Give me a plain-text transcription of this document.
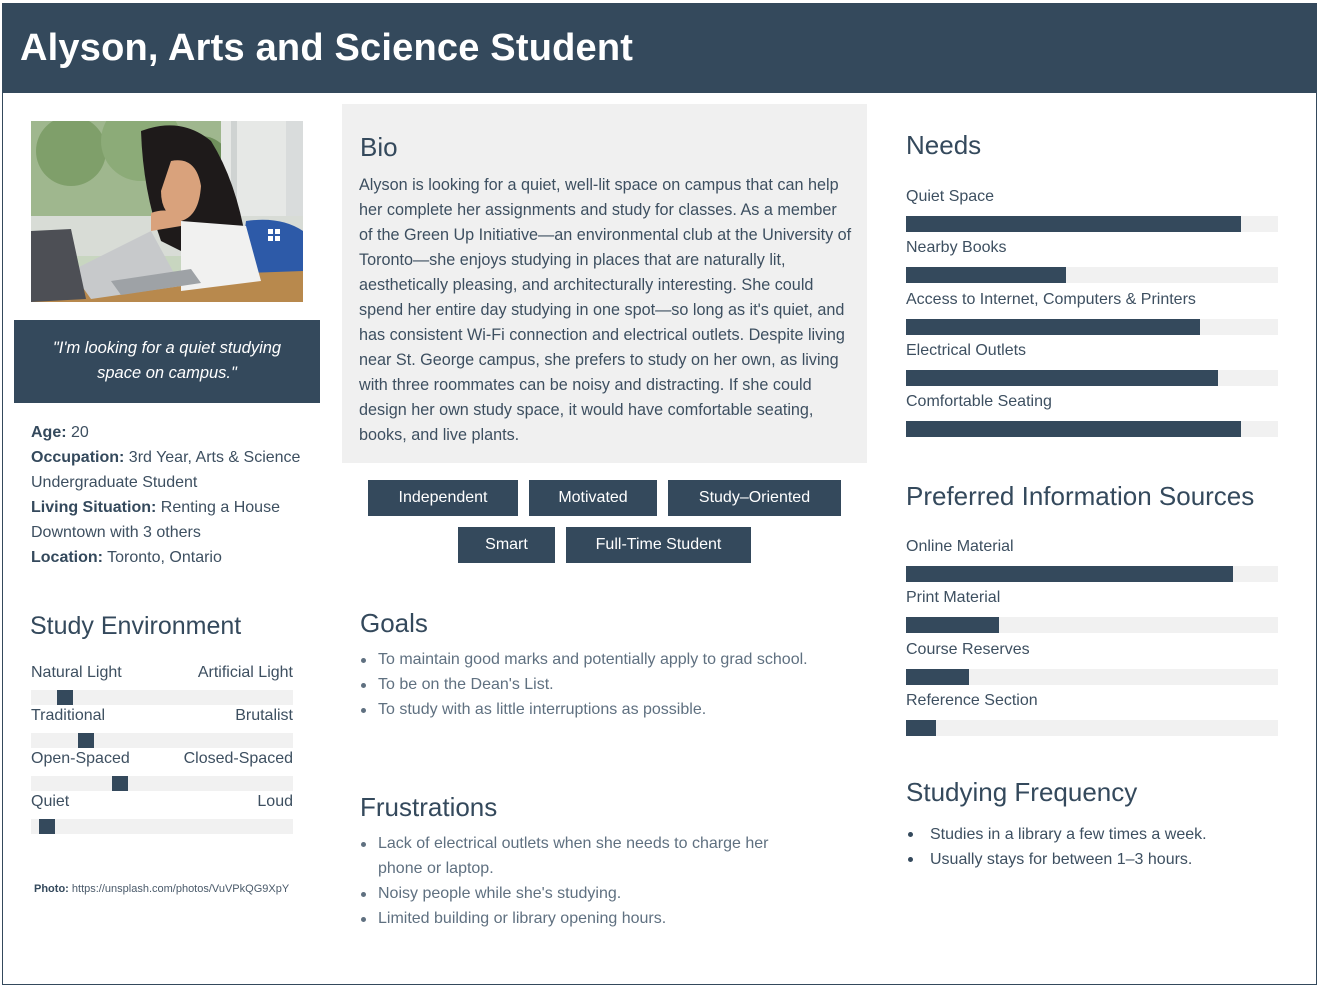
Alyson, Arts and Science Student
"I'm looking for a quiet studying space on campus."
Age: 20
Occupation: 3rd Year, Arts & Science Undergraduate Student
Living Situation: Renting a House Downtown with 3 others
Location: Toronto, Ontario
Study Environment
Natural Light	Artificial Light
Traditional	Brutalist
Open-Spaced	Closed-Spaced
Quiet	Loud
Photo: https://unsplash.com/photos/VuVPkQG9XpY
Bio

Alyson is looking for a quiet, well-lit space on campus that can help her complete her assignments and study for classes. As a member of the Green Up Initiative—an environmental club at the University of Toronto—she enjoys studying in places that are naturally lit, aesthetically pleasing, and architecturally interesting. She could spend her entire day studying in one spot—so long as it's quiet, and has consistent Wi-Fi connection and electrical outlets. Despite living near St. George campus, she prefers to study on her own, as living with three roommates can be noisy and distracting. If she could design her own study space, it would have comfortable seating, books, and live plants.

Independent	Motivated	Study–Oriented
Smart	Full-Time Student
Goals
To maintain good marks and potentially apply to grad school.
To be on the Dean's List.
To study with as little interruptions as possible.
Frustrations
Lack of electrical outlets when she needs to charge her phone or laptop.
Noisy people while she's studying.
Limited building or library opening hours.
Needs
Quiet Space
Nearby Books
Access to Internet, Computers & Printers
Electrical Outlets
Comfortable Seating
Preferred Information Sources
Online Material
Print Material
Course Reserves
Reference Section
Studying Frequency
Studies in a library a few times a week.
Usually stays for between 1–3 hours.
